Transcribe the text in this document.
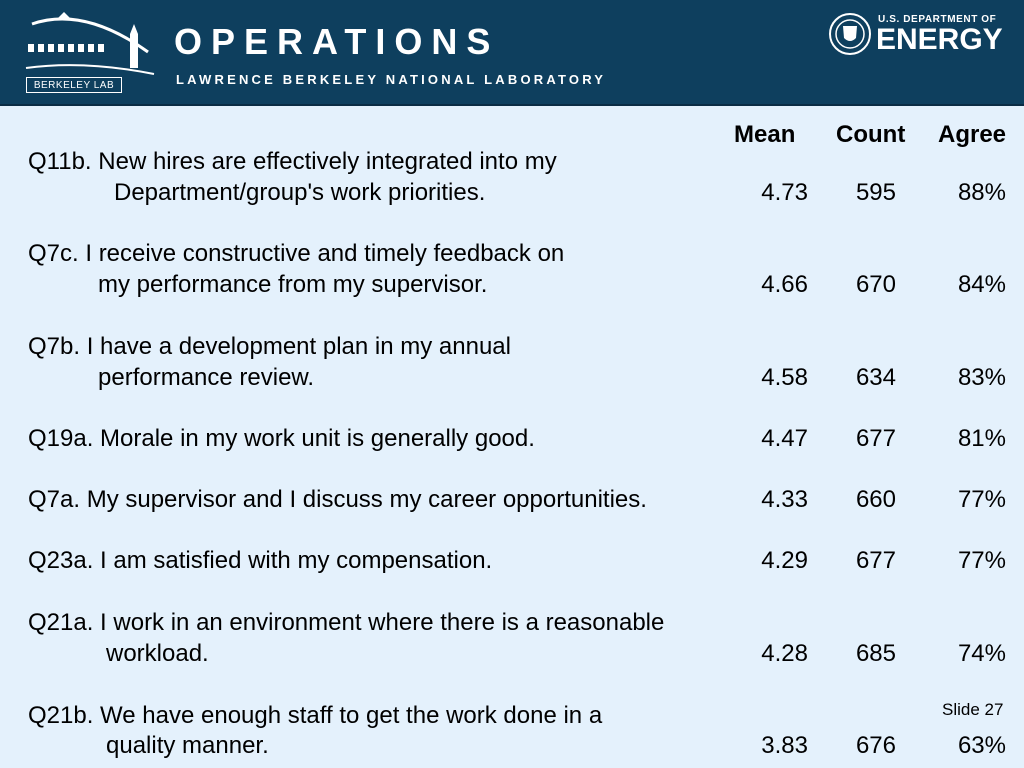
BERKELEY LAB
OPERATIONS
LAWRENCE BERKELEY NATIONAL LABORATORY
U.S. DEPARTMENT OF
ENERGY
Mean Count Agree
Q11b. New hires are effectively integrated into my
Department/group's work priorities.	4.73	595	88%
Q7c. I receive constructive and timely feedback on
my performance from my supervisor.	4.66	670	84%
Q7b. I have a development plan in my annual
performance review.	4.58	634	83%
Q19a. Morale in my work unit is generally good.	4.47	677	81%
Q7a. My supervisor and I discuss my career opportunities.	4.33	660	77%
Q23a. I am satisfied with my compensation.	4.29	677	77%
Q21a. I work in an environment where there is a reasonable
workload.	4.28	685	74%
Q21b. We have enough staff to get the work done in a
quality manner.	3.83	676	63%
Slide 27
